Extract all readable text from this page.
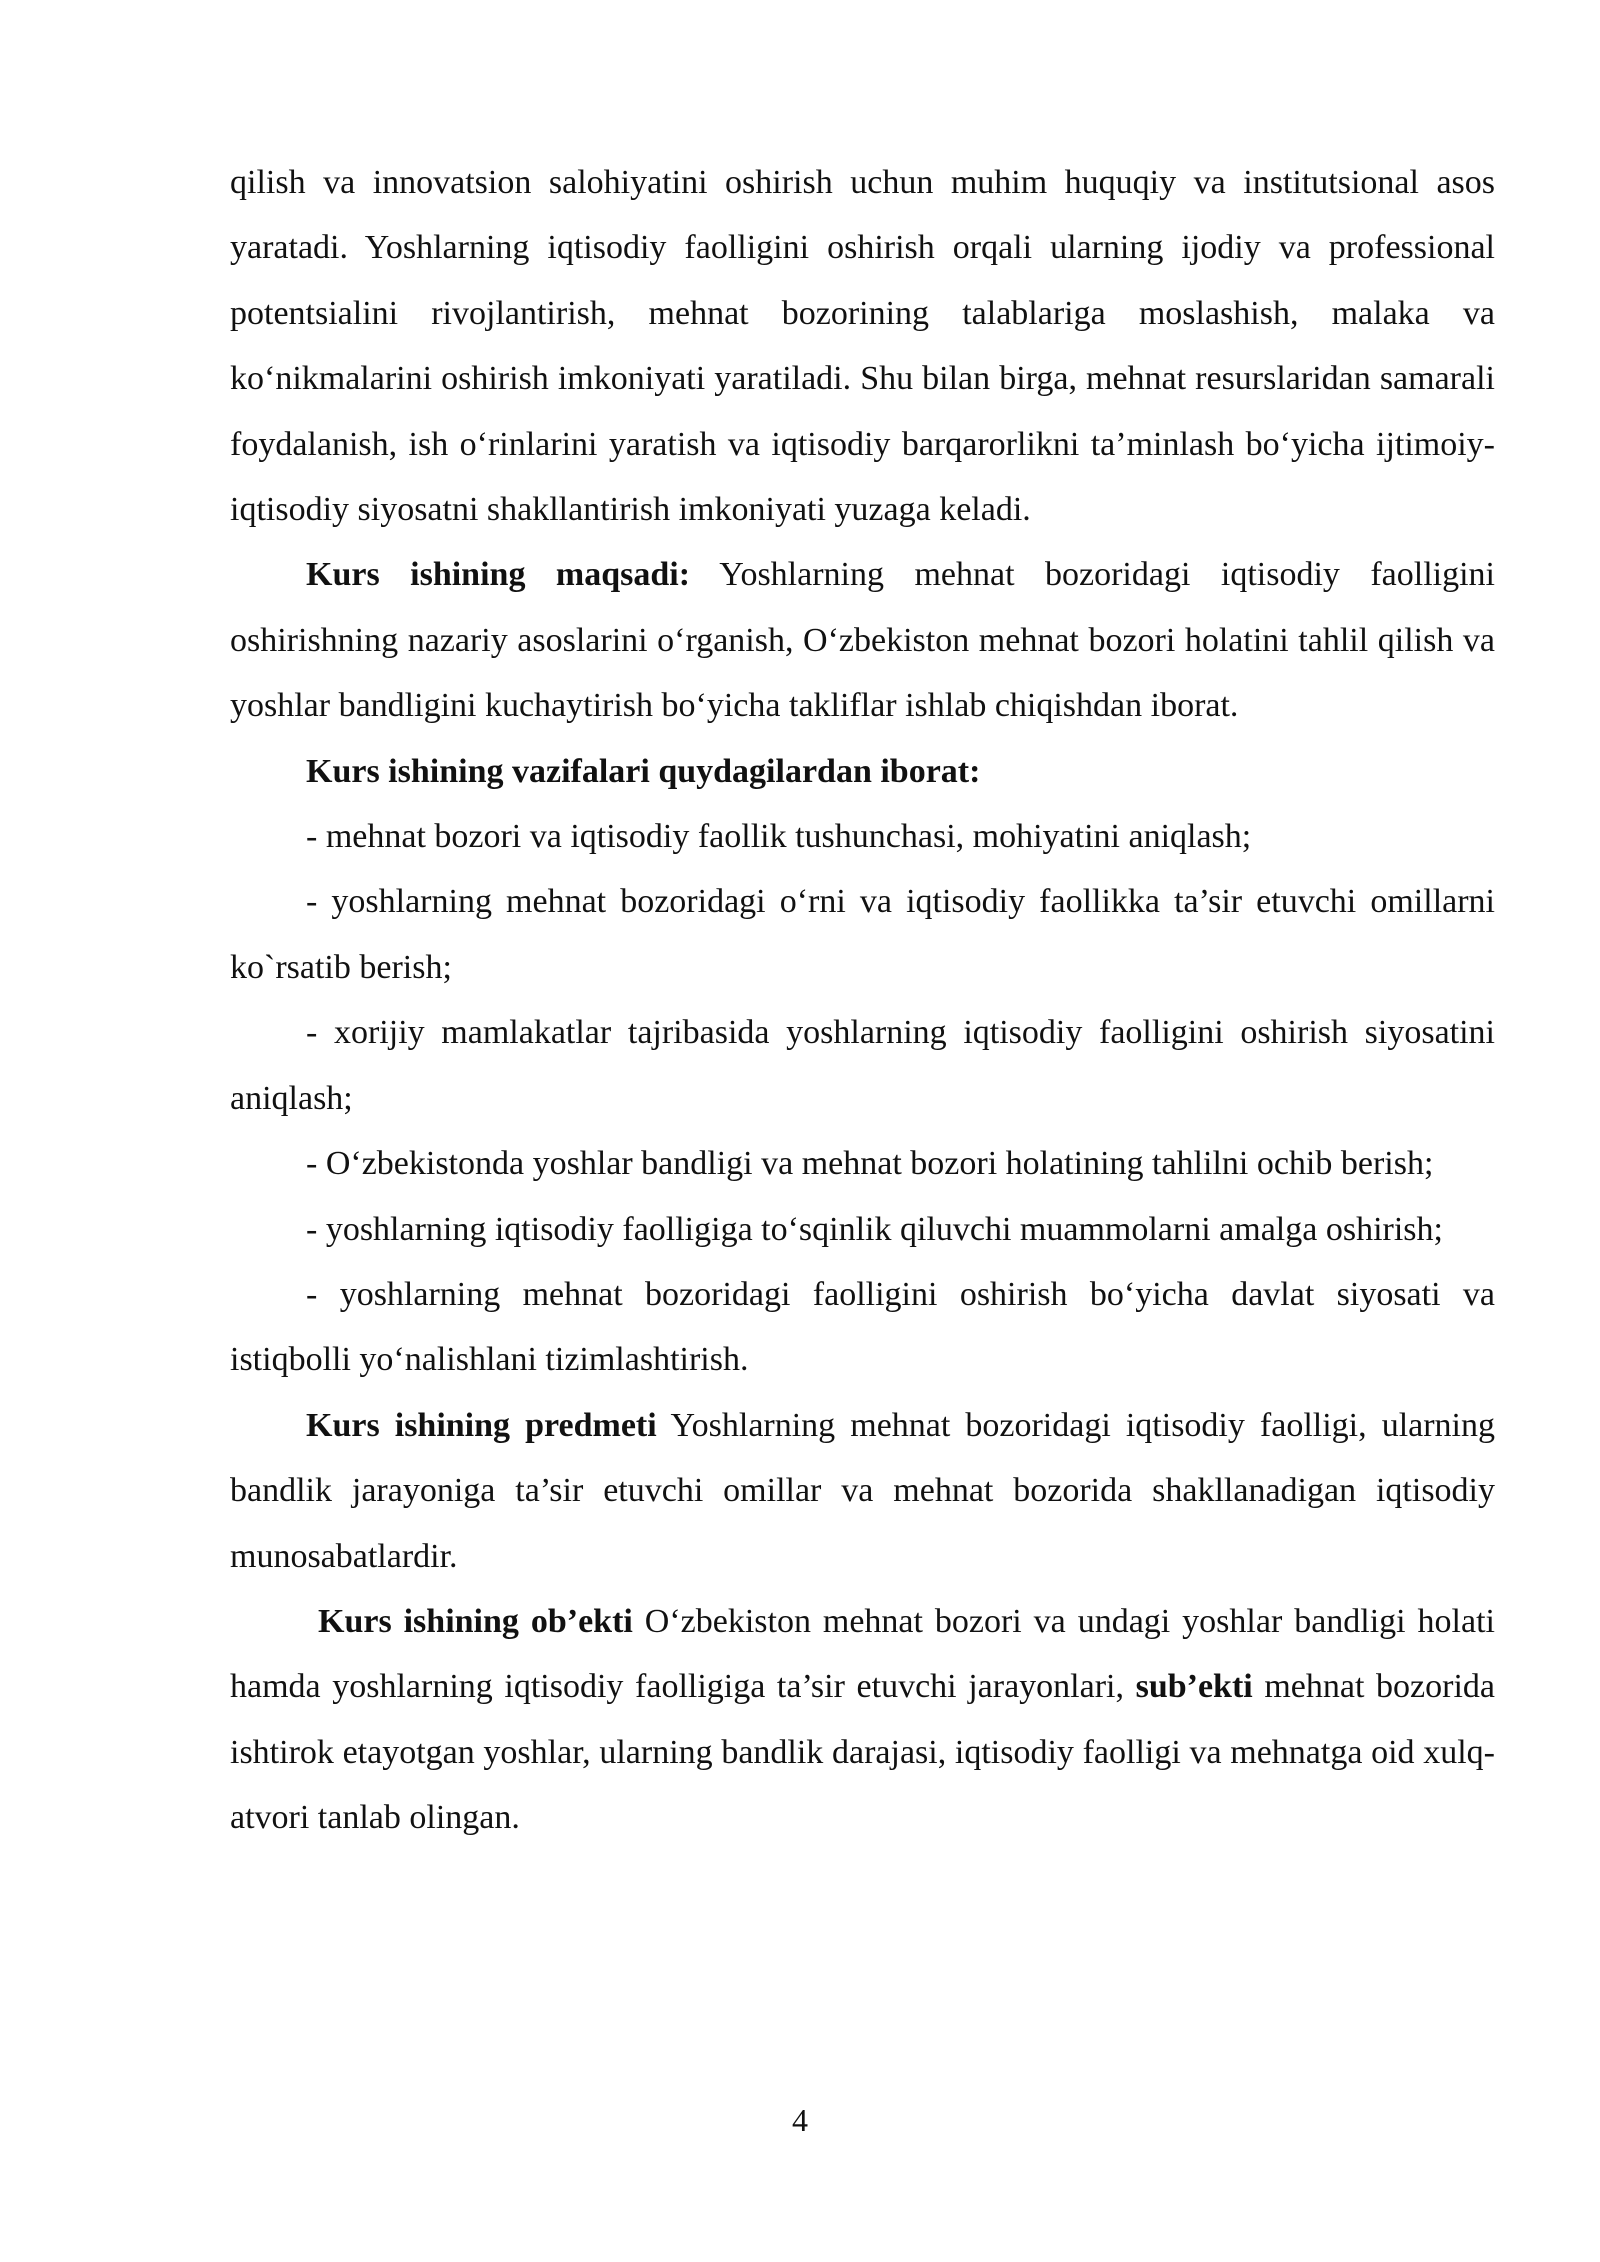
qilish va innovatsion salohiyatini oshirish uchun muhim huquqiy va institutsional asos yaratadi. Yoshlarning iqtisodiy faolligini oshirish orqali ularning ijodiy va professional potentsialini rivojlantirish, mehnat bozorining talablariga moslashish, malaka va ko‘nikmalarini oshirish imkoniyati yaratiladi. Shu bilan birga, mehnat resurslaridan samarali foydalanish, ish o‘rinlarini yaratish va iqtisodiy barqarorlikni ta’minlash bo‘yicha ijtimoiy-iqtisodiy siyosatni shakllantirish imkoniyati yuzaga keladi.

Kurs ishining maqsadi: Yoshlarning mehnat bozoridagi iqtisodiy faolligini oshirishning nazariy asoslarini o‘rganish, O‘zbekiston mehnat bozori holatini tahlil qilish va yoshlar bandligini kuchaytirish bo‘yicha takliflar ishlab chiqishdan iborat.

Kurs ishining vazifalari quydagilardan iborat:

- mehnat bozori va iqtisodiy faollik tushunchasi, mohiyatini aniqlash;

- yoshlarning mehnat bozoridagi o‘rni va iqtisodiy faollikka ta’sir etuvchi omillarni ko`rsatib berish;

- xorijiy mamlakatlar tajribasida yoshlarning iqtisodiy faolligini oshirish siyosatini aniqlash;

- O‘zbekistonda yoshlar bandligi va mehnat bozori holatining tahlilni ochib berish;

- yoshlarning iqtisodiy faolligiga to‘sqinlik qiluvchi muammolarni amalga oshirish;

- yoshlarning mehnat bozoridagi faolligini oshirish bo‘yicha davlat siyosati va istiqbolli yo‘nalishlani tizimlashtirish.

Kurs ishining predmeti Yoshlarning mehnat bozoridagi iqtisodiy faolligi, ularning bandlik jarayoniga ta’sir etuvchi omillar va mehnat bozorida shakllanadigan iqtisodiy munosabatlardir.

Kurs ishining ob’ekti O‘zbekiston mehnat bozori va undagi yoshlar bandligi holati hamda yoshlarning iqtisodiy faolligiga ta’sir etuvchi jarayonlari, sub’ekti mehnat bozorida ishtirok etayotgan yoshlar, ularning bandlik darajasi, iqtisodiy faolligi va mehnatga oid xulq-atvori tanlab olingan.

4
